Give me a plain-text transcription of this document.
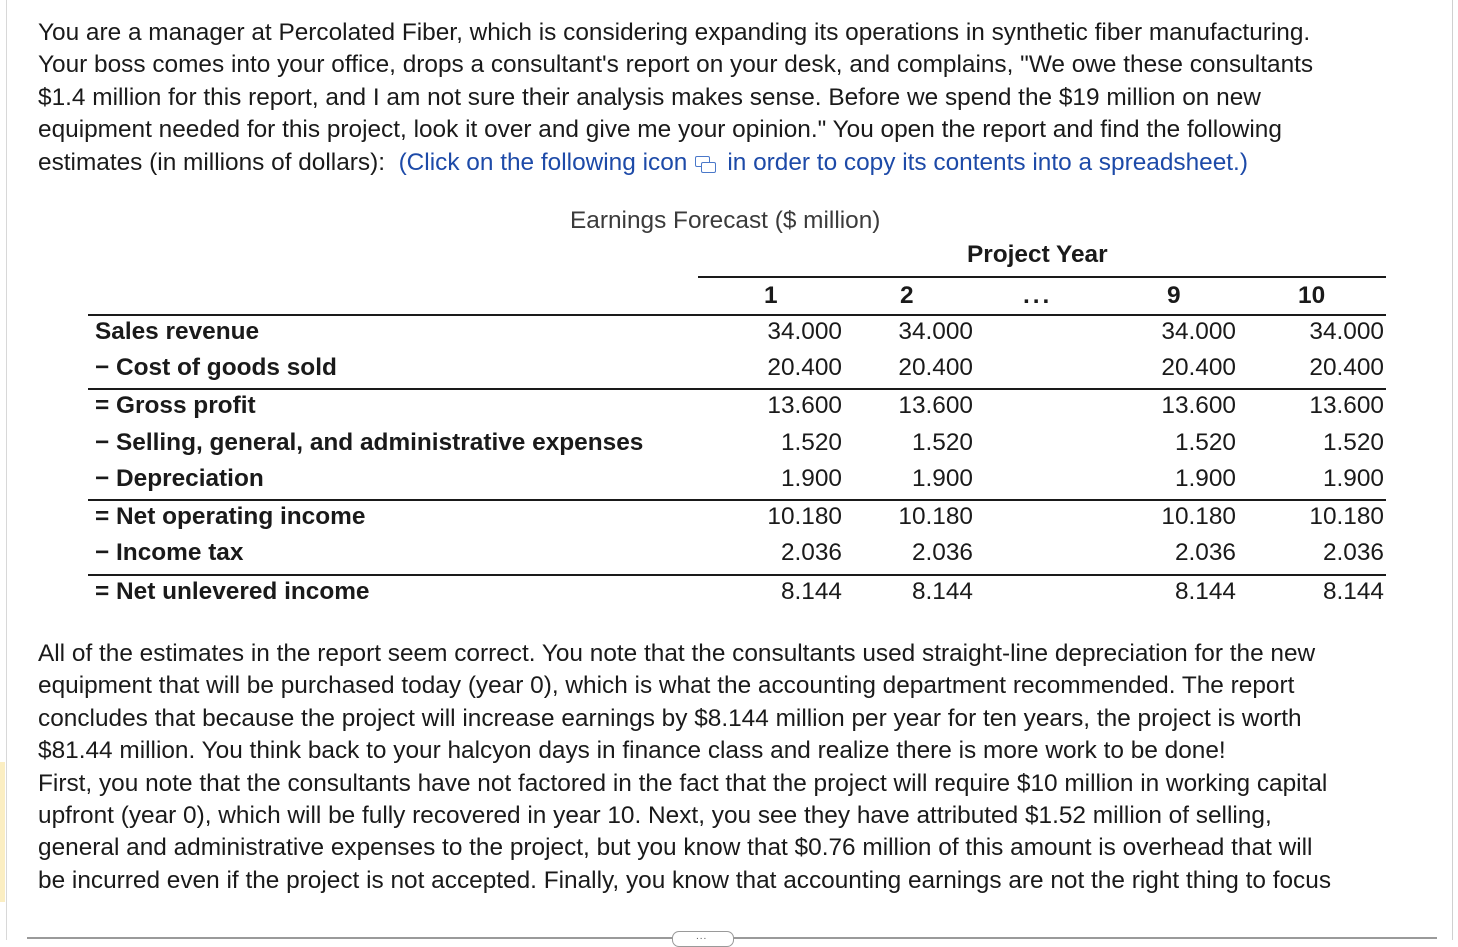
You are a manager at Percolated Fiber, which is considering expanding its operations in synthetic fiber manufacturing.
Your boss comes into your office, drops a consultant's report on your desk, and complains, "We owe these consultants
$1.4 million for this report, and I am not sure their analysis makes sense. Before we spend the $19 million on new
equipment needed for this project, look it over and give me your opinion." You open the report and find the following
estimates (in millions of dollars): (Click on the following icon in order to copy its contents into a spreadsheet.)

Earnings Forecast ($ million)
Project Year
1	2	...	9	10
Sales revenue	34.000	34.000	34.000	34.000
− Cost of goods sold	20.400	20.400	20.400	20.400
= Gross profit	13.600	13.600	13.600	13.600
− Selling, general, and administrative expenses	1.520	1.520	1.520	1.520
− Depreciation	1.900	1.900	1.900	1.900
= Net operating income	10.180	10.180	10.180	10.180
− Income tax	2.036	2.036	2.036	2.036
= Net unlevered income	8.144	8.144	8.144	8.144

All of the estimates in the report seem correct. You note that the consultants used straight-line depreciation for the new
equipment that will be purchased today (year 0), which is what the accounting department recommended. The report
concludes that because the project will increase earnings by $8.144 million per year for ten years, the project is worth
$81.44 million. You think back to your halcyon days in finance class and realize there is more work to be done!
First, you note that the consultants have not factored in the fact that the project will require $10 million in working capital
upfront (year 0), which will be fully recovered in year 10. Next, you see they have attributed $1.52 million of selling,
general and administrative expenses to the project, but you know that $0.76 million of this amount is overhead that will
be incurred even if the project is not accepted. Finally, you know that accounting earnings are not the right thing to focus

...
